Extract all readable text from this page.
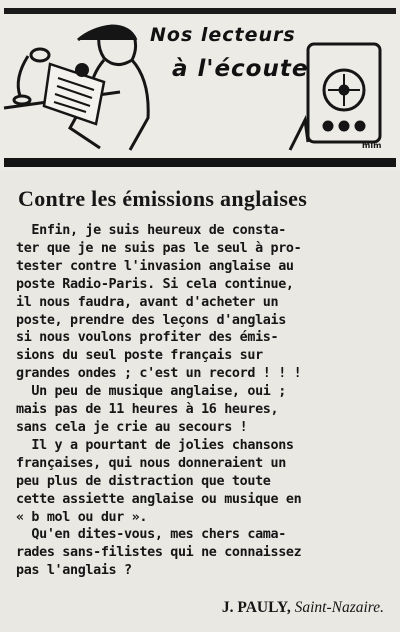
Nos lecteurs
à l'écoute
mim
Contre les émissions anglaises
Enfin, je suis heureux de consta-
ter que je ne suis pas le seul à pro-
tester contre l'invasion anglaise au
poste Radio-Paris. Si cela continue,
il nous faudra, avant d'acheter un
poste, prendre des leçons d'anglais
si nous voulons profiter des émis-
sions du seul poste français sur
grandes ondes ; c'est un record ! ! !
Un peu de musique anglaise, oui ;
mais pas de 11 heures à 16 heures,
sans cela je crie au secours !
Il y a pourtant de jolies chansons
françaises, qui nous donneraient un
peu plus de distraction que toute
cette assiette anglaise ou musique en
« b mol ou dur ».
Qu'en dites-vous, mes chers cama-
rades sans-filistes qui ne connaissez
pas l'anglais ?
J. PAULY, Saint-Nazaire.
